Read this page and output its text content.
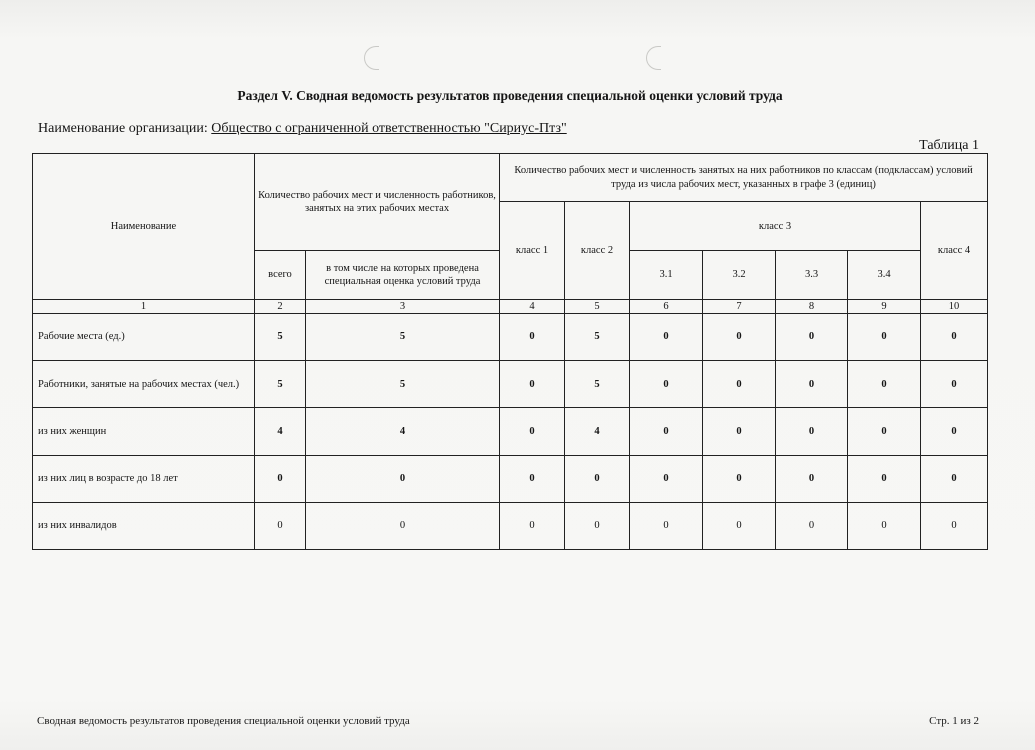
Раздел V. Сводная ведомость результатов проведения специальной оценки условий труда
Наименование организации: Общество с ограниченной ответственностью "Сириус-Птз"
Таблица 1
Наименование	Количество рабочих мест и численность работников, занятых на этих рабочих местах		Количество рабочих мест и численность занятых на них работников по классам (подклассам) условий труда из числа рабочих мест, указанных в графе 3 (единиц)						
			класс 1	класс 2	класс 3				класс 4
	всего	в том числе на которых проведена специальная оценка условий труда			3.1	3.2	3.3	3.4	
1	2	3	4	5	6	7	8	9	10
Рабочие места (ед.)	5	5	0	5	0	0	0	0	0
Работники, занятые на рабочих местах (чел.)	5	5	0	5	0	0	0	0	0
из них женщин	4	4	0	4	0	0	0	0	0
из них лиц в возрасте до 18 лет	0	0	0	0	0	0	0	0	0
из них инвалидов	0	0	0	0	0	0	0	0	0
Сводная ведомость результатов проведения специальной оценки условий труда	Стр. 1 из 2
